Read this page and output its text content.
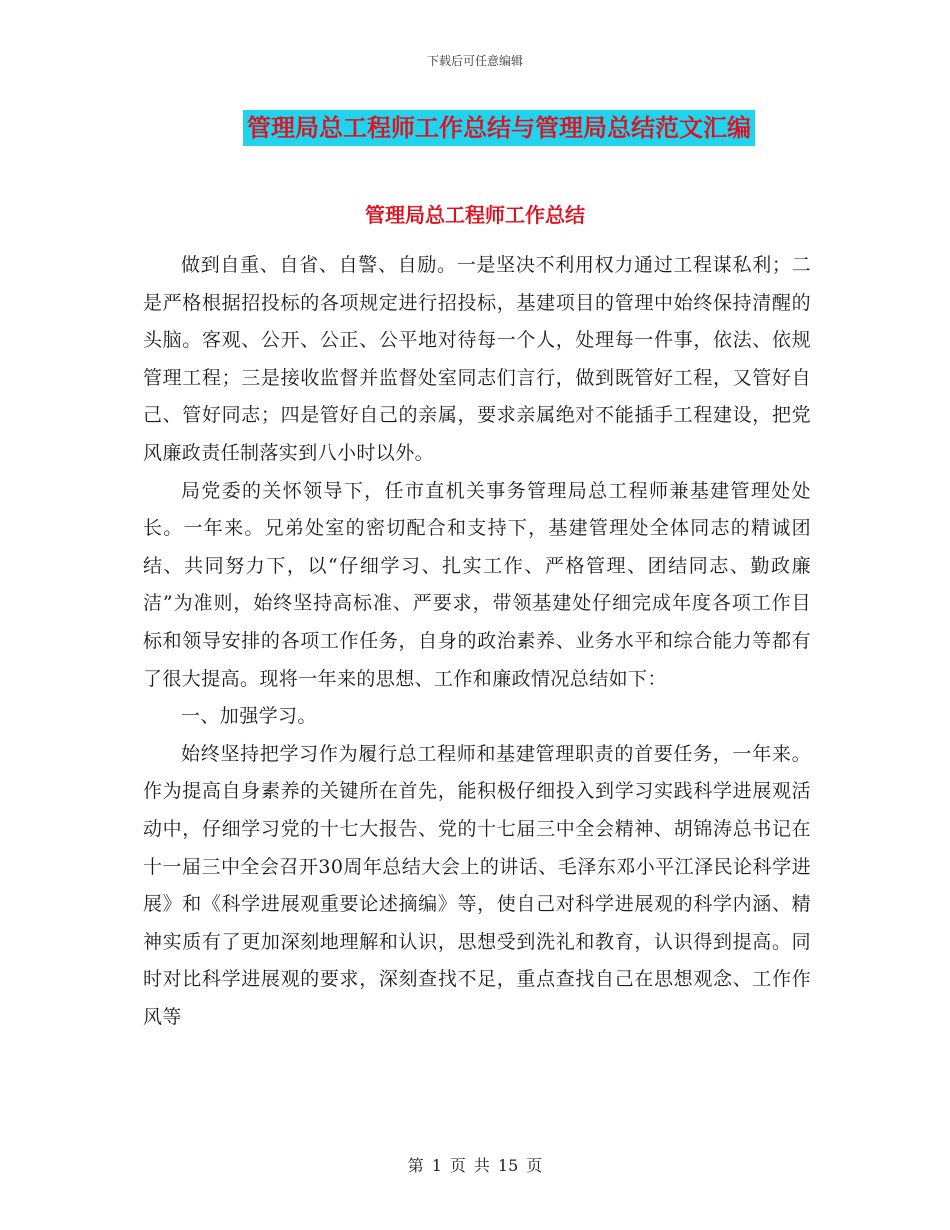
下载后可任意编辑
管理局总工程师工作总结与管理局总结范文汇编
管理局总工程师工作总结

做到自重、自省、自警、自励。一是坚决不利用权力通过工程谋私利；二是严格根据招投标的各项规定进行招投标，基建项目的管理中始终保持清醒的头脑。客观、公开、公正、公平地对待每一个人，处理每一件事，依法、依规管理工程；三是接收监督并监督处室同志们言行，做到既管好工程，又管好自己、管好同志；四是管好自己的亲属，要求亲属绝对不能插手工程建设，把党风廉政责任制落实到八小时以外。

局党委的关怀领导下，任市直机关事务管理局总工程师兼基建管理处处长。一年来。兄弟处室的密切配合和支持下，基建管理处全体同志的精诚团结、共同努力下，以“仔细学习、扎实工作、严格管理、团结同志、勤政廉洁”为准则，始终坚持高标准、严要求，带领基建处仔细完成年度各项工作目标和领导安排的各项工作任务，自身的政治素养、业务水平和综合能力等都有了很大提高。现将一年来的思想、工作和廉政情况总结如下：

一、加强学习。

始终坚持把学习作为履行总工程师和基建管理职责的首要任务，一年来。作为提高自身素养的关键所在首先，能积极仔细投入到学习实践科学进展观活动中，仔细学习党的十七大报告、党的十七届三中全会精神、胡锦涛总书记在十一届三中全会召开30周年总结大会上的讲话、毛泽东邓小平江泽民论科学进展》和《科学进展观重要论述摘编》等，使自己对科学进展观的科学内涵、精神实质有了更加深刻地理解和认识，思想受到洗礼和教育，认识得到提高。同时对比科学进展观的要求，深刻查找不足，重点查找自己在思想观念、工作作风等

第 1 页 共 15 页
